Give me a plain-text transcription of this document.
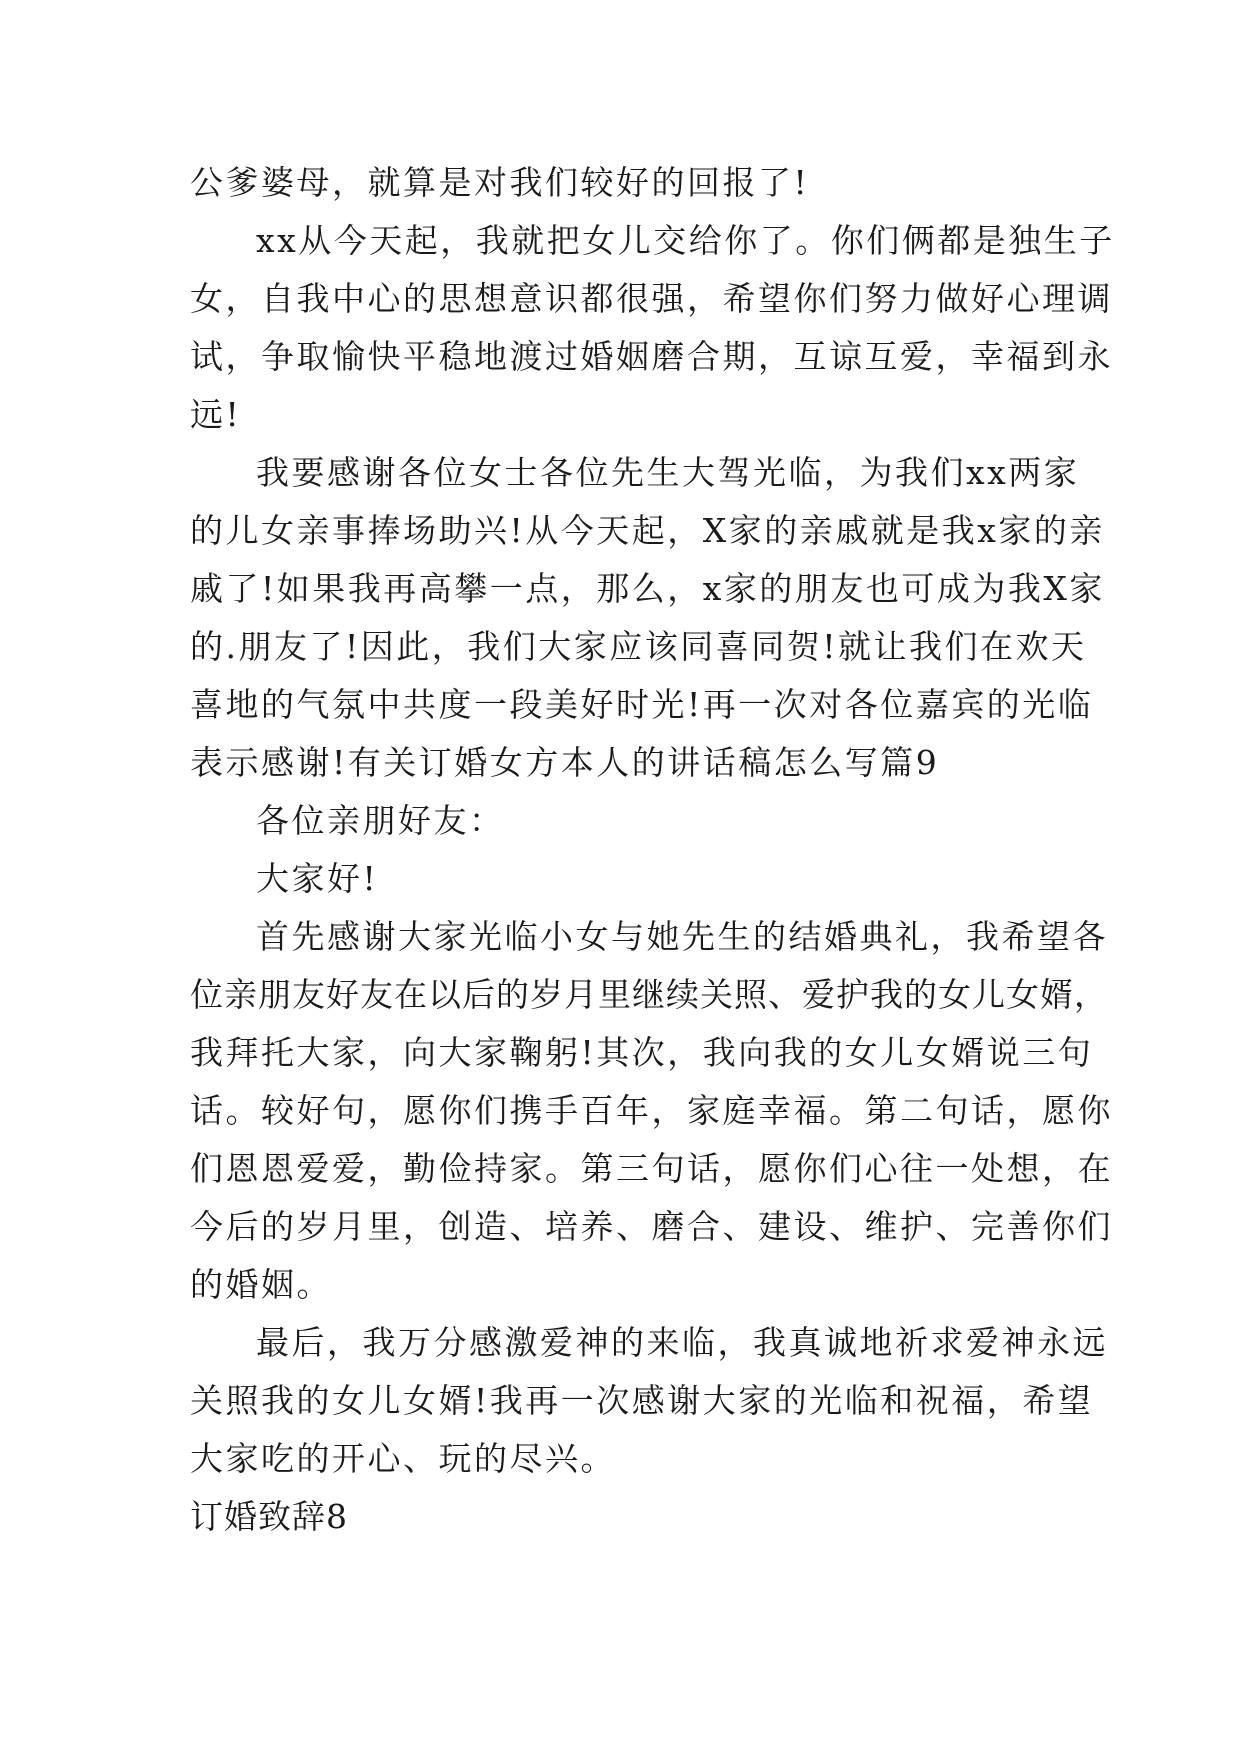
公爹婆母，就算是对我们较好的回报了!
xx从今天起，我就把女儿交给你了。你们俩都是独生子
女，自我中心的思想意识都很强，希望你们努力做好心理调
试，争取愉快平稳地渡过婚姻磨合期，互谅互爱，幸福到永
远!
我要感谢各位女士各位先生大驾光临，为我们xx两家
的儿女亲事捧场助兴!从今天起，X家的亲戚就是我x家的亲
戚了!如果我再高攀一点，那么，x家的朋友也可成为我X家
的.朋友了!因此，我们大家应该同喜同贺!就让我们在欢天
喜地的气氛中共度一段美好时光!再一次对各位嘉宾的光临
表示感谢!有关订婚女方本人的讲话稿怎么写篇9
各位亲朋好友：
大家好!
首先感谢大家光临小女与她先生的结婚典礼，我希望各
位亲朋友好友在以后的岁月里继续关照、爱护我的女儿女婿，
我拜托大家，向大家鞠躬!其次，我向我的女儿女婿说三句
话。较好句，愿你们携手百年，家庭幸福。第二句话，愿你
们恩恩爱爱，勤俭持家。第三句话，愿你们心往一处想，在
今后的岁月里，创造、培养、磨合、建设、维护、完善你们
的婚姻。
最后，我万分感激爱神的来临，我真诚地祈求爱神永远
关照我的女儿女婿!我再一次感谢大家的光临和祝福，希望
大家吃的开心、玩的尽兴。
订婚致辞8
